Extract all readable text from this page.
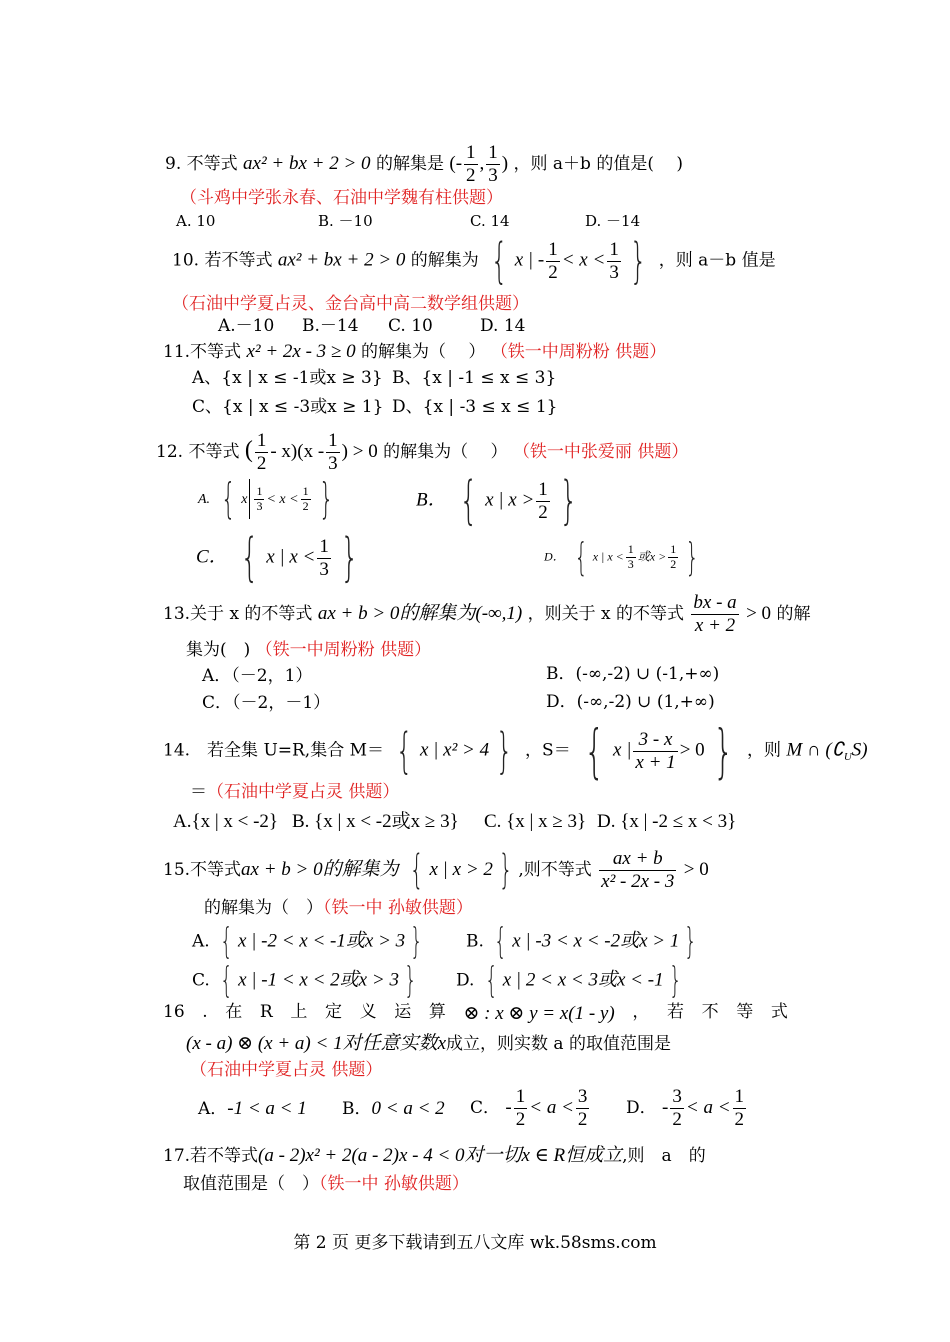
9. 不等式 ax² + bx + 2 > 0 的解集是 (- $\frac{1}{2}$ , $\frac{1}{3}$ ) ，则 a＋b 的值是(　 )
（斗鸡中学张永春、石油中学魏有柱供题）
A. 10	B. －10	C. 14	D. －14
10. 若不等式 ax² + bx + 2 > 0 的解集为 { x | - $\frac{1}{2} < x < \frac{1}{3}$ } ，则 a－b 值是
（石油中学夏占灵、金台高中高二数学组供题）
A.－10 B.－14 C. 10	D. 14
11.不等式 x² + 2x - 3 ≥ 0 的解集为（　 ） （铁一中周粉粉 供题）
A、{x | x ≤ -1或x ≥ 3} B、{x | -1 ≤ x ≤ 3}
C、{x | x ≤ -3或x ≥ 1} D、{x | -3 ≤ x ≤ 1}
12. 不等式 ( $\frac{1}{2} - x)(x - \frac{1}{3}$ ) > 0 的解集为（　 ） （铁一中张爱丽 供题）
A. { x $\frac{1}{3} < x < \frac{1}{2}$ }	B． { x | $x > \frac{1}{2}$ }
C． { x | $x < \frac{1}{3}$ }	D． { x | $x < \frac{1}{3}$ 或$x > \frac{1}{2}$ }
13.关于 x 的不等式 ax + b > 0的解集为(-∞,1) ，则关于 x 的不等式 $\frac{bx - a}{x + 2} > 0$ 的解
集为(　) （铁一中周粉粉 供题）
A．（－2，1）	B．(-∞,-2) ∪ (-1,+∞)
C．（－2，－1）	D．(-∞,-2) ∪ (1,+∞)
14.　若全集 U=R,集合 M＝ { x | x² > 4 } ，S＝ { x | $\frac{3 - x}{x + 1} > 0$ } ，则 M ∩ $(∁_US)$
＝（石油中学夏占灵 供题）
A.{x | x < -2} B. {x | x < -2或x ≥ 3} C. {x | x ≥ 3} D. {x | -2 ≤ x < 3}
15.不等式ax + b > 0的解集为 { x | x > 2 } ,则不等式 $\frac{ax + b}{\text{x² - 2x - 3}} > 0$
的解集为（　）（铁一中 孙敏供题）
A. { x | -2 < x < -1或x > 3 }	B. { x | -3 < x < -2或x > 1 }
C. { x | -1 < x < 2或x > 3 }	D. { x | 2 < x < 3或x < -1 }
16 . 在 R 上 定 义 运 算 ⊗ : x ⊗ y = x(1 - y) ， 若 不 等 式
(x - a) ⊗ (x + a) < 1对任意实数x成立，则实数 a 的取值范围是
（石油中学夏占灵 供题）
A．-1 < a < 1 B．0 < a < 2 C． - $\frac{1}{2} < a < \frac{3}{2}$ D． - $\frac{3}{2} < a < \frac{1}{2}$
17.若不等式(a - 2)x² + 2(a - 2)x - 4 < 0对一切x ∈ R恒成立,则　a　的
取值范围是（　）（铁一中 孙敏供题）
第 2 页 更多下载请到五八文库 wk.58sms.com
